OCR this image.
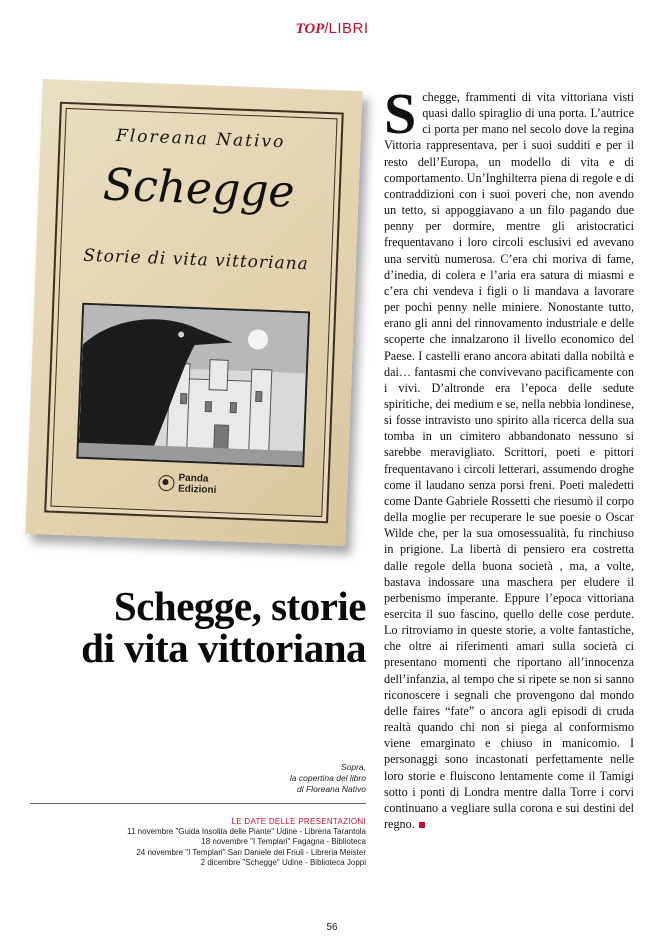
TOP/LIBRI
Floreana Nativo
Schegge
Storie di vita vittoriana
Panda
Edizioni
Schegge, storie
di vita vittoriana
Sopra,
la copertina del libro
di Floreana Nativo
LE DATE DELLE PRESENTAZIONI
11 novembre "Guida Insolita delle Piante" Udine - Libreria Tarantola
18 novembre "I Templari" Fagagna - Biblioteca
24 novembre "I Templari" San Daniele del Friuli - Libreria Meister
2 dicembre "Schegge" Udine - Biblioteca Joppi

Schegge, frammenti di vita vittoriana visti quasi dallo spiraglio di una porta. L’autrice ci porta per mano nel secolo dove la regina Vittoria rappresentava, per i suoi sudditi e per il resto dell’Europa, un modello di vita e di comportamento. Un’Inghilterra piena di regole e di contraddizioni con i suoi poveri che, non avendo un tetto, si appoggiavano a un filo pagando due penny per dormire, mentre gli aristocratici frequentavano i loro circoli esclusivi ed avevano una servitù numerosa. C’era chi moriva di fame, d’inedia, di colera e l’aria era satura di miasmi e c’era chi vendeva i figli o li mandava a lavorare per pochi penny nelle miniere. Nonostante tutto, erano gli anni del rinnovamento industriale e delle scoperte che innalzarono il livello economico del Paese. I castelli erano ancora abitati dalla nobiltà e dai… fantasmi che convivevano pacificamente con i vivi. D’altronde era l’epoca delle sedute spiritiche, dei medium e se, nella nebbia londinese, si fosse intravisto uno spirito alla ricerca della sua tomba in un cimitero abbandonato nessuno si sarebbe meravigliato. Scrittori, poeti e pittori frequentavano i circoli letterari, assumendo droghe come il laudano senza porsi freni. Poeti maledetti come Dante Gabriele Rossetti che riesumò il corpo della moglie per recuperare le sue poesie o Oscar Wilde che, per la sua omosessualità, fu rinchiuso in prigione. La libertà di pensiero era costretta dalle regole della buona società , ma, a volte, bastava indossare una maschera per eludere il perbenismo imperante. Eppure l’epoca vittoriana esercita il suo fascino, quello delle cose perdute. Lo ritroviamo in queste storie, a volte fantastiche, che oltre ai riferimenti amari sulla società ci presentano momenti che riportano all’innocenza dell’infanzia, al tempo che si ripete se non si sanno riconoscere i segnali che provengono dal mondo delle faires “fate” o ancora agli episodi di cruda realtà quando chi non si piega al conformismo viene emarginato e chiuso in manicomio. I personaggi sono incastonati perfettamente nelle loro storie e fluiscono lentamente come il Tamigi sotto i ponti di Londra mentre dalla Torre i corvi continuano a vegliare sulla corona e sui destini del regno.

56
